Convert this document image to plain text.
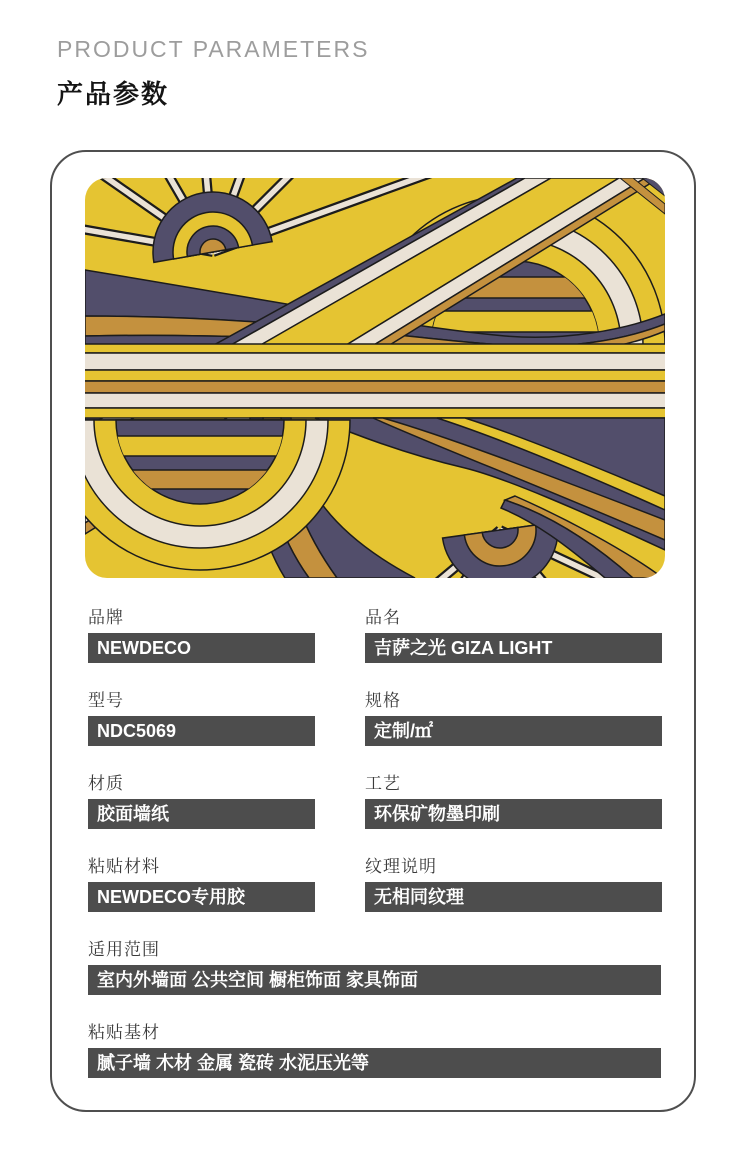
PRODUCT PARAMETERS
产品参数
品牌
NEWDECO
品名
吉萨之光 GIZA LIGHT
型号
NDC5069
规格
定制/㎡
材质
胶面墙纸
工艺
环保矿物墨印刷
粘贴材料
NEWDECO专用胶
纹理说明
无相同纹理
适用范围
室内外墙面 公共空间 橱柜饰面 家具饰面
粘贴基材
腻子墙 木材 金属 瓷砖 水泥压光等
